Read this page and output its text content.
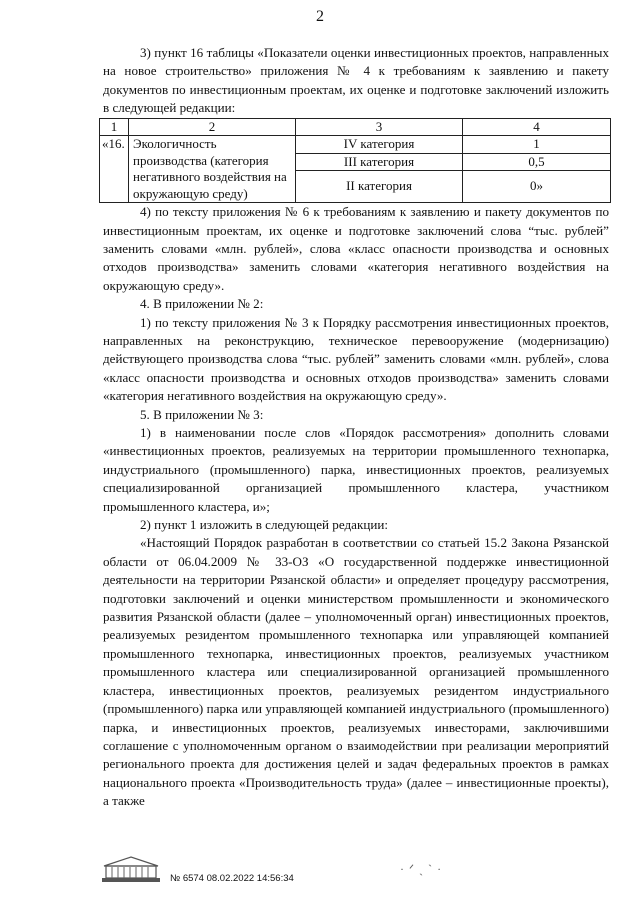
2

3) пункт 16 таблицы «Показатели оценки инвестиционных проектов, направленных на новое строительство» приложения № 4 к требованиям к заявлению и пакету документов по инвестиционным проектам, их оценке и подготовке заключений изложить в следующей редакции:

1	2	3	4
«16.	Экологичность производства (категория негативного воздействия на окружающую среду)	IV категория	1
		III категория	0,5
		II категория	0»

4) по тексту приложения № 6 к требованиям к заявлению и пакету документов по инвестиционным проектам, их оценке и подготовке заключений слова “тыс. рублей” заменить словами «млн. рублей», слова «класс опасности производства и основных отходов производства» заменить словами «категория негативного воздействия на окружающую среду».

4. В приложении № 2:

1) по тексту приложения № 3 к Порядку рассмотрения инвестиционных проектов, направленных на реконструкцию, техническое перевооружение (модернизацию) действующего производства слова “тыс. рублей” заменить словами «млн. рублей», слова «класс опасности производства и основных отходов производства» заменить словами «категория негативного воздействия на окружающую среду».

5. В приложении № 3:

1) в наименовании после слов «Порядок рассмотрения» дополнить словами «инвестиционных проектов, реализуемых на территории промышленного технопарка, индустриального (промышленного) парка, инвестиционных проектов, реализуемых специализированной организацией промышленного кластера, участником промышленного кластера, и»;

2) пункт 1 изложить в следующей редакции:

«Настоящий Порядок разработан в соответствии со статьей 15.2 Закона Рязанской области от 06.04.2009 № 33-ОЗ «О государственной поддержке инвестиционной деятельности на территории Рязанской области» и определяет процедуру рассмотрения, подготовки заключений и оценки министерством промышленности и экономического развития Рязанской области (далее – уполномоченный орган) инвестиционных проектов, реализуемых резидентом промышленного технопарка или управляющей компанией промышленного технопарка, инвестиционных проектов, реализуемых участником промышленного кластера или специализированной организацией промышленного кластера, инвестиционных проектов, реализуемых резидентом индустриального (промышленного) парка или управляющей компанией индустриального (промышленного) парка, и инвестиционных проектов, реализуемых инвесторами, заключившими соглашение с уполномоченным органом о взаимодействии при реализации мероприятий регионального проекта для достижения целей и задач федеральных проектов в рамках национального проекта «Производительность труда» (далее – инвестиционные проекты), а также

№ 6574 08.02.2022 14:56:34
· ᐟ ˎ ˋ ·
